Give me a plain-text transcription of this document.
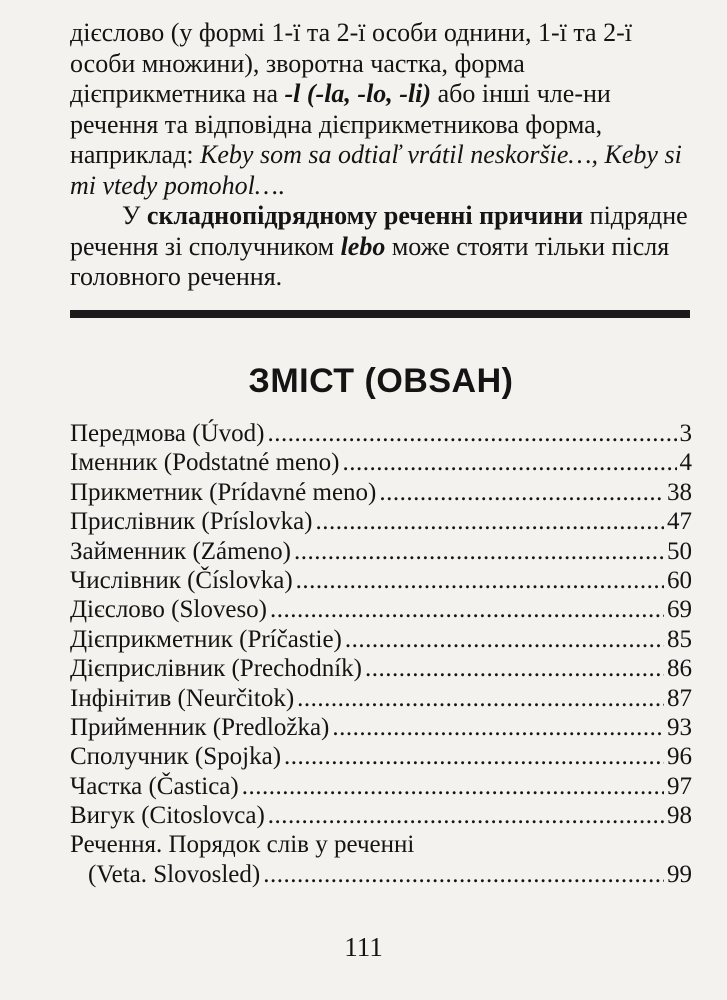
дієслово (у формі 1-ї та 2-ї особи однини, 1-ї та 2-ї особи множини), зворотна частка, форма дієприкметника на -l (-la, -lo, -li) або інші чле-ни речення та відповідна дієприкметникова форма, наприклад: Keby som sa odtiaľ vrátil neskoršie…, Keby si mi vtedy pomohol….

У складнопідрядному реченні причини підрядне речення зі сполучником lebo може стояти тільки після головного речення.

ЗМІСТ (OBSAH)
Передмова (Úvod) .....	3
Іменник (Podstatné meno) .....	4
Прикметник (Prídavné meno) .....	38
Прислівник (Príslovka) .....	47
Займенник (Zámeno) .....	50
Числівник (Číslovka) .....	60
Дієслово (Sloveso) .....	69
Дієприкметник (Príčastie) .....	85
Дієприслівник (Prechodník) .....	86
Інфінітив (Neurčitok) .....	87
Прийменник (Predložka) .....	93
Сполучник (Spojka) .....	96
Частка (Častica) .....	97
Вигук (Citoslovca) .....	98
Речення. Порядок слів у реченні
(Veta. Slovosled) .....	99
111
